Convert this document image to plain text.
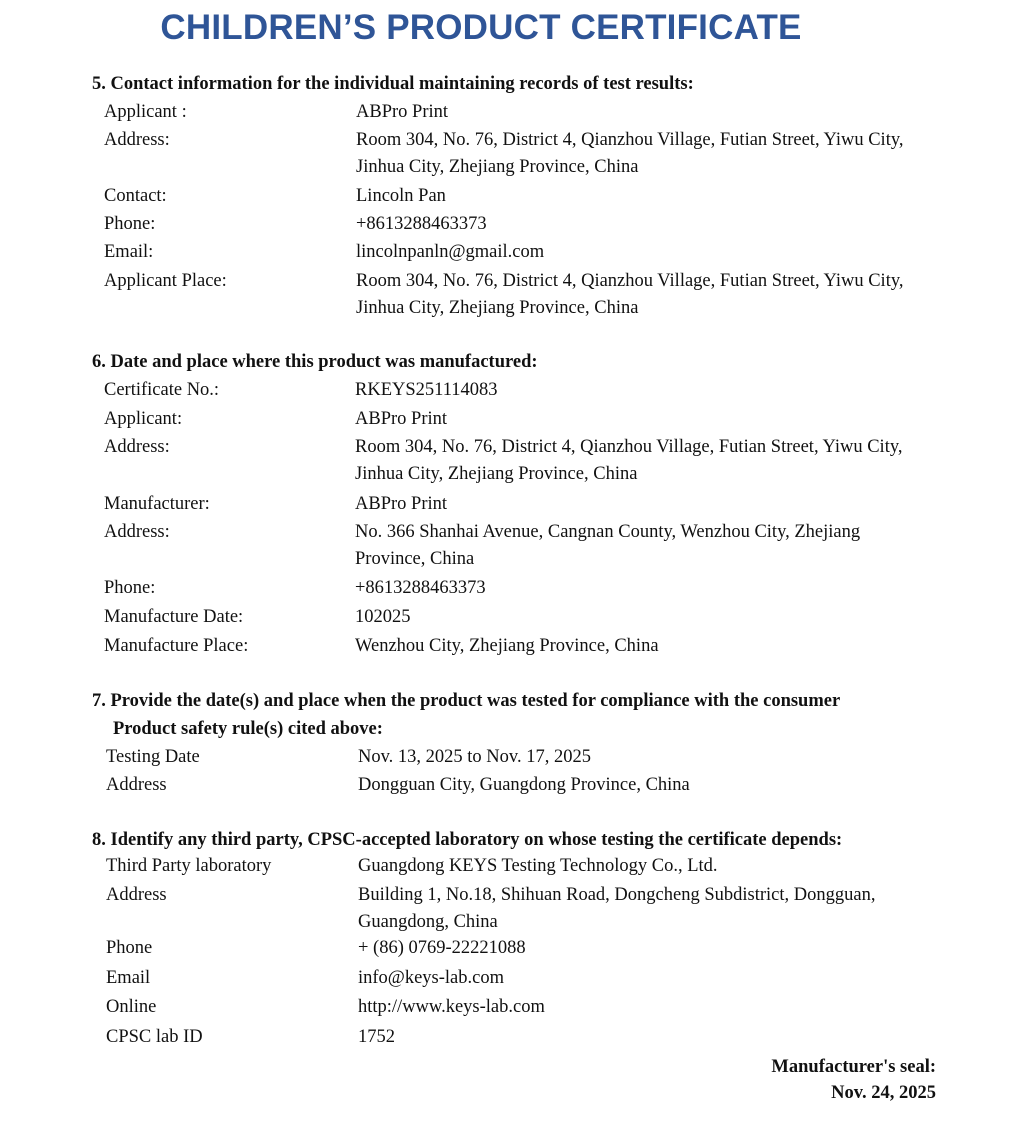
CHILDREN’S PRODUCT CERTIFICATE
5. Contact information for the individual maintaining records of test results:
Applicant :	ABPro Print
Address:	Room 304, No. 76, District 4, Qianzhou Village, Futian Street, Yiwu City, Jinhua City, Zhejiang Province, China
Contact:	Lincoln Pan
Phone:	+8613288463373
Email:	lincolnpanln@gmail.com
Applicant Place:	Room 304, No. 76, District 4, Qianzhou Village, Futian Street, Yiwu City, Jinhua City, Zhejiang Province, China
6. Date and place where this product was manufactured:
Certificate No.:	RKEYS251114083
Applicant:	ABPro Print
Address:	Room 304, No. 76, District 4, Qianzhou Village, Futian Street, Yiwu City, Jinhua City, Zhejiang Province, China
Manufacturer:	ABPro Print
Address:	No. 366 Shanhai Avenue, Cangnan County, Wenzhou City, Zhejiang Province, China
Phone:	+8613288463373
Manufacture Date:	102025
Manufacture Place:	Wenzhou City, Zhejiang Province, China
7. Provide the date(s) and place when the product was tested for compliance with the consumer
Product safety rule(s) cited above:
Testing Date	Nov. 13, 2025 to Nov. 17, 2025
Address	Dongguan City, Guangdong Province, China
8. Identify any third party, CPSC-accepted laboratory on whose testing the certificate depends:
Third Party laboratory	Guangdong KEYS Testing Technology Co., Ltd.
Address	Building 1, No.18, Shihuan Road, Dongcheng Subdistrict, Dongguan, Guangdong, China
Phone	+ (86) 0769-22221088
Email	info@keys-lab.com
Online	http://www.keys-lab.com
CPSC lab ID	1752
Manufacturer's seal:
Nov. 24, 2025
